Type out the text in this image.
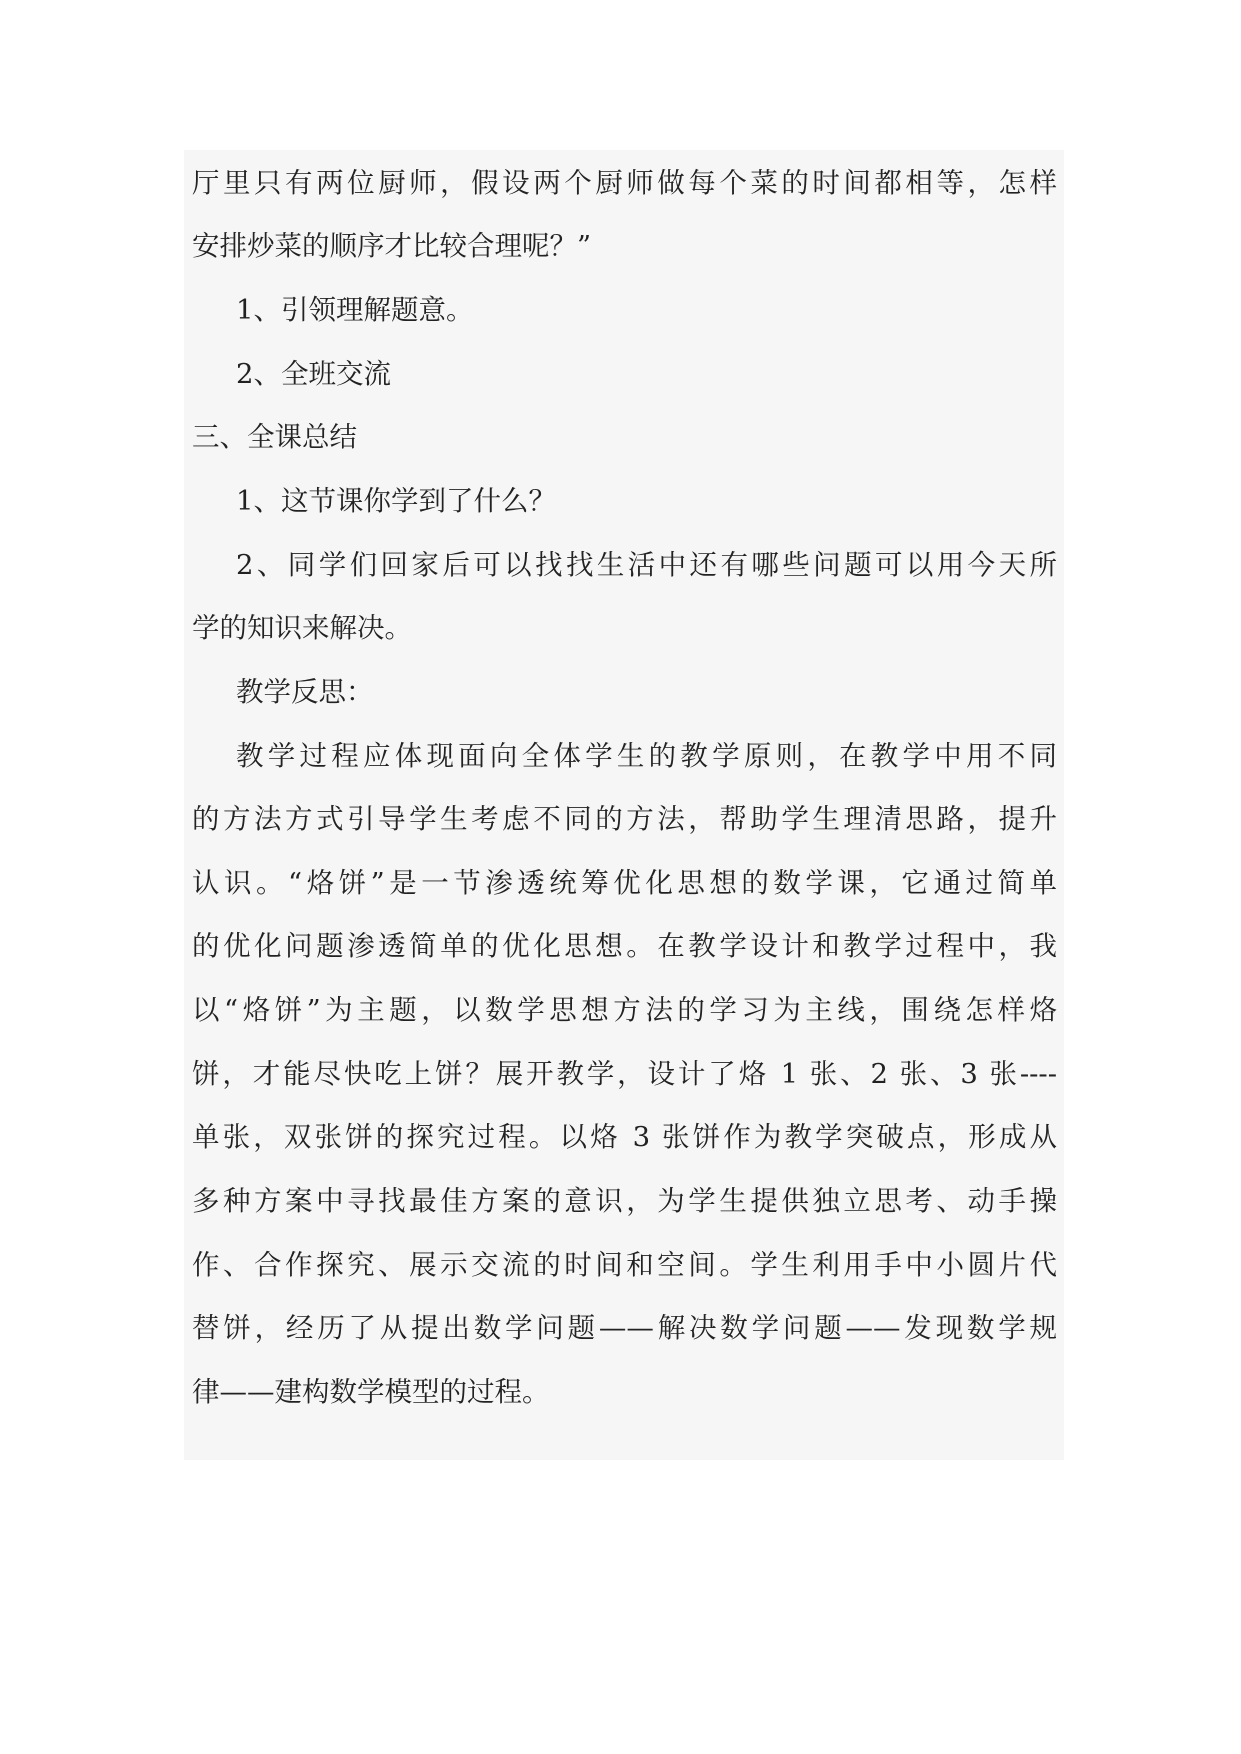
厅里只有两位厨师，假设两个厨师做每个菜的时间都相等，怎样
安排炒菜的顺序才比较合理呢？”
1、引领理解题意。
2、全班交流
三、全课总结
1、这节课你学到了什么？
2、同学们回家后可以找找生活中还有哪些问题可以用今天所
学的知识来解决。
教学反思：
教学过程应体现面向全体学生的教学原则，在教学中用不同
的方法方式引导学生考虑不同的方法，帮助学生理清思路，提升
认识。“烙饼”是一节渗透统筹优化思想的数学课，它通过简单
的优化问题渗透简单的优化思想。在教学设计和教学过程中，我
以“烙饼”为主题，以数学思想方法的学习为主线，围绕怎样烙
饼，才能尽快吃上饼？展开教学，设计了烙 1 张、2 张、3 张----
单张，双张饼的探究过程。以烙 3 张饼作为教学突破点，形成从
多种方案中寻找最佳方案的意识，为学生提供独立思考、动手操
作、合作探究、展示交流的时间和空间。学生利用手中小圆片代
替饼，经历了从提出数学问题——解决数学问题——发现数学规
律——建构数学模型的过程。
